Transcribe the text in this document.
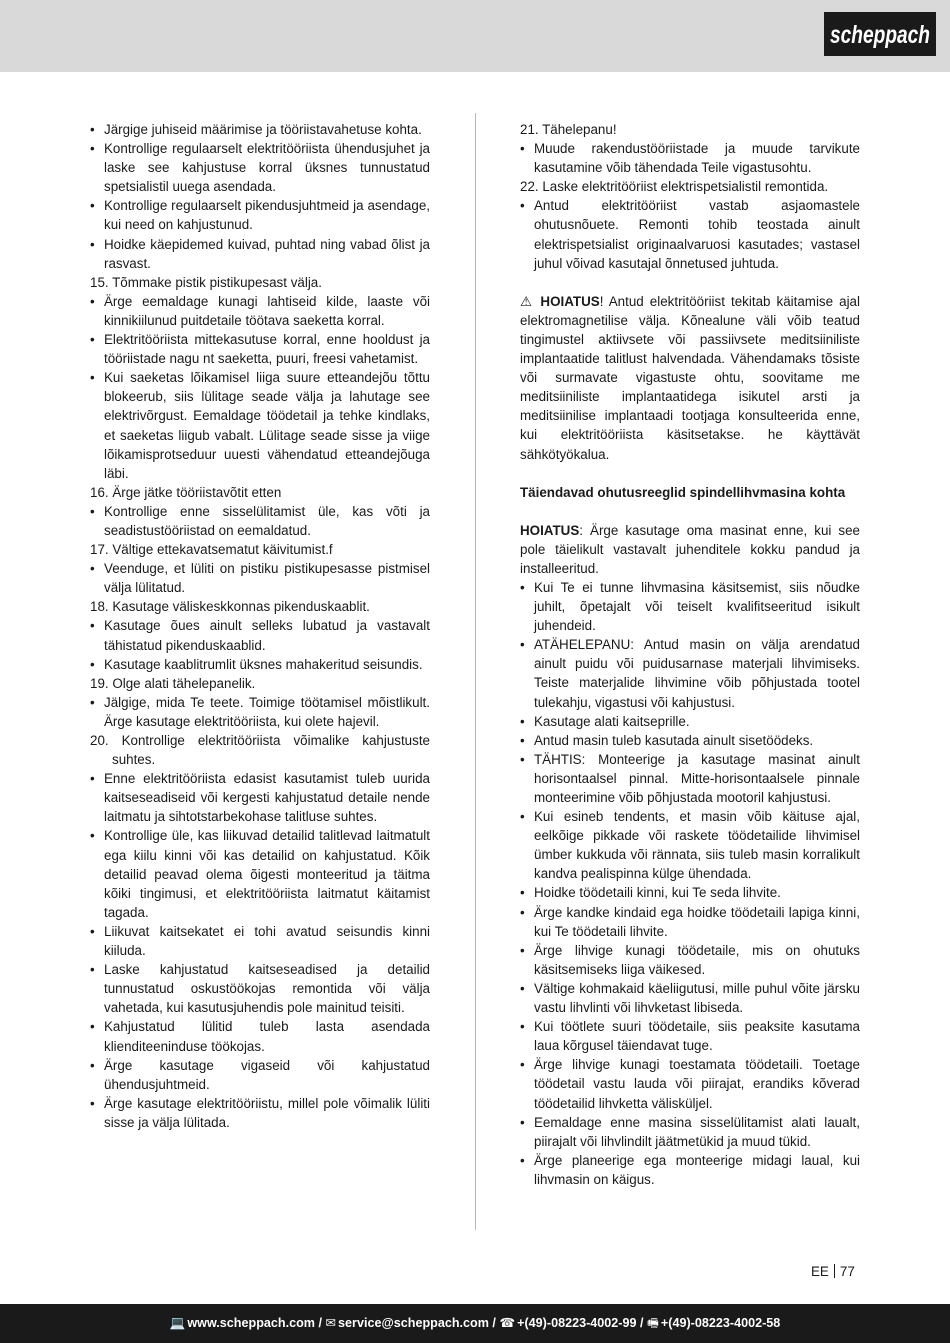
scheppach

• Järgige juhiseid määrimise ja tööriistavahetuse kohta.

• Kontrollige regulaarselt elektritööriista ühendusjuhet ja laske see kahjustuse korral üksnes tunnustatud spetsialistil uuega asendada.

• Kontrollige regulaarselt pikendusjuhtmeid ja asendage, kui need on kahjustunud.

• Hoidke käepidemed kuivad, puhtad ning vabad õlist ja rasvast.

15. Tõmmake pistik pistikupesast välja.

• Ärge eemaldage kunagi lahtiseid kilde, laaste või kinnikiilunud puitdetaile töötava saeketta korral.

• Elektritööriista mittekasutuse korral, enne hooldust ja tööriistade nagu nt saeketta, puuri, freesi vahetamist.

• Kui saeketas lõikamisel liiga suure etteandejõu tõttu blokeerub, siis lülitage seade välja ja lahutage see elektrivõrgust. Eemaldage töödetail ja tehke kindlaks, et saeketas liigub vabalt. Lülitage seade sisse ja viige lõikamisprotseduur uuesti vähendatud etteandejõuga läbi.

16. Ärge jätke tööriistavõtit etten

• Kontrollige enne sisselülitamist üle, kas võti ja seadistustööriistad on eemaldatud.

17. Vältige ettekavatsematut käivitumist.f

• Veenduge, et lüliti on pistiku pistikupesasse pistmisel välja lülitatud.

18. Kasutage väliskeskkonnas pikenduskaablit.

• Kasutage õues ainult selleks lubatud ja vastavalt tähistatud pikenduskaablid.

• Kasutage kaablitrumlit üksnes mahakeritud seisundis.

19. Olge alati tähelepanelik.

• Jälgige, mida Te teete. Toimige töötamisel mõistlikult. Ärge kasutage elektritööriista, kui olete hajevil.

20. Kontrollige elektritööriista võimalike kahjustuste suhtes.

• Enne elektritööriista edasist kasutamist tuleb uurida kaitseseadiseid või kergesti kahjustatud detaile nende laitmatu ja sihtotstarbekohase talitluse suhtes.

• Kontrollige üle, kas liikuvad detailid talitlevad laitmatult ega kiilu kinni või kas detailid on kahjustatud. Kõik detailid peavad olema õigesti monteeritud ja täitma kõiki tingimusi, et elektritööriista laitmatut käitamist tagada.

• Liikuvat kaitsekatet ei tohi avatud seisundis kinni kiiluda.

• Laske kahjustatud kaitseseadised ja detailid tunnustatud oskustöökojas remontida või välja vahetada, kui kasutusjuhendis pole mainitud teisiti.

• Kahjustatud lülitid tuleb lasta asendada klienditeeninduse töökojas.

• Ärge kasutage vigaseid või kahjustatud ühendusjuhtmeid.

• Ärge kasutage elektritööriistu, millel pole võimalik lüliti sisse ja välja lülitada.

21. Tähelepanu!

• Muude rakendustööriistade ja muude tarvikute kasutamine võib tähendada Teile vigastusohtu.

22. Laske elektritööriist elektrispetsialistil remontida.

• Antud elektritööriist vastab asjaomastele ohutusnõuete. Remonti tohib teostada ainult elektrispetsialist originaalvaruosi kasutades; vastasel juhul võivad kasutajal õnnetused juhtuda.

⚠ HOIATUS! Antud elektritööriist tekitab käitamise ajal elektromagnetilise välja. Kõnealune väli võib teatud tingimustel aktiivsete või passiivsete meditsiiniliste implantaatide talitlust halvendada. Vähendamaks tõsiste või surmavate vigastuste ohtu, soovitame me meditsiiniliste implantaatidega isikutel arsti ja meditsiinilise implantaadi tootjaga konsulteerida enne, kui elektritööriista käsitsetakse. he käyttävät sähkötyökalua.

Täiendavad ohutusreeglid spindellihvmasina kohta

HOIATUS: Ärge kasutage oma masinat enne, kui see pole täielikult vastavalt juhenditele kokku pandud ja installeeritud.

• Kui Te ei tunne lihvmasina käsitsemist, siis nõudke juhilt, õpetajalt või teiselt kvalifitseeritud isikult juhendeid.

• ATÄHELEPANU: Antud masin on välja arendatud ainult puidu või puidusarnase materjali lihvimiseks. Teiste materjalide lihvimine võib põhjustada tootel tulekahju, vigastusi või kahjustusi.

• Kasutage alati kaitseprille.

• Antud masin tuleb kasutada ainult sisetöödeks.

• TÄHTIS: Monteerige ja kasutage masinat ainult horisontaalsel pinnal. Mitte-horisontaalsele pinnale monteerimine võib põhjustada mootoril kahjustusi.

• Kui esineb tendents, et masin võib käituse ajal, eelkõige pikkade või raskete töödetailide lihvimisel ümber kukkuda või rännata, siis tuleb masin korralikult kandva pealispinna külge ühendada.

• Hoidke töödetaili kinni, kui Te seda lihvite.

• Ärge kandke kindaid ega hoidke töödetaili lapiga kinni, kui Te töödetaili lihvite.

• Ärge lihvige kunagi töödetaile, mis on ohutuks käsitsemiseks liiga väikesed.

• Vältige kohmakaid käeliigutusi, mille puhul võite järsku vastu lihvlinti või lihvketast libiseda.

• Kui töötlete suuri töödetaile, siis peaksite kasutama laua kõrgusel täiendavat tuge.

• Ärge lihvige kunagi toestamata töödetaili. Toetage töödetail vastu lauda või piirajat, erandiks kõverad töödetailid lihvketta välisküljel.

• Eemaldage enne masina sisselülitamist alati laualt, piirajalt või lihvlindilt jäätmetükid ja muud tükid.

• Ärge planeerige ega monteerige midagi laual, kui lihvmasin on käigus.

EE 77
💻 www.scheppach.com / ✉ service@scheppach.com / ☎ +(49)-08223-4002-99 / 🖷 +(49)-08223-4002-58
